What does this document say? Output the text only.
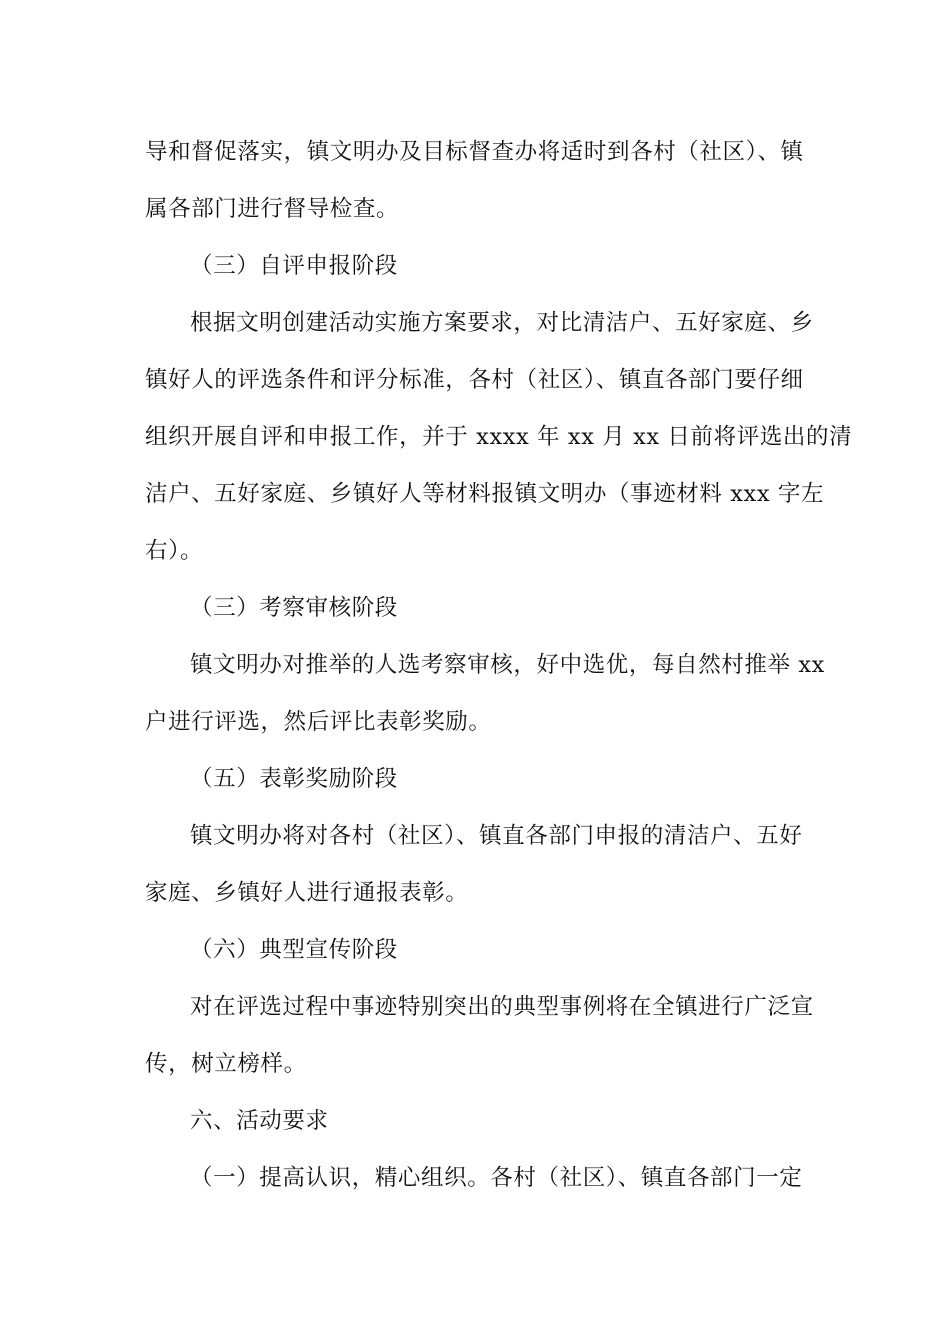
导和督促落实，镇文明办及目标督查办将适时到各村（社区）、镇
属各部门进行督导检查。
（三）自评申报阶段
根据文明创建活动实施方案要求，对比清洁户、五好家庭、乡
镇好人的评选条件和评分标准，各村（社区）、镇直各部门要仔细
组织开展自评和申报工作，并于 xxxx 年 xx 月 xx 日前将评选出的清
洁户、五好家庭、乡镇好人等材料报镇文明办（事迹材料 xxx 字左
右）。
（三）考察审核阶段
镇文明办对推举的人选考察审核，好中选优，每自然村推举 xx
户进行评选，然后评比表彰奖励。
（五）表彰奖励阶段
镇文明办将对各村（社区）、镇直各部门申报的清洁户、五好
家庭、乡镇好人进行通报表彰。
（六）典型宣传阶段
对在评选过程中事迹特别突出的典型事例将在全镇进行广泛宣
传，树立榜样。
六、活动要求
（一）提高认识，精心组织。各村（社区）、镇直各部门一定
